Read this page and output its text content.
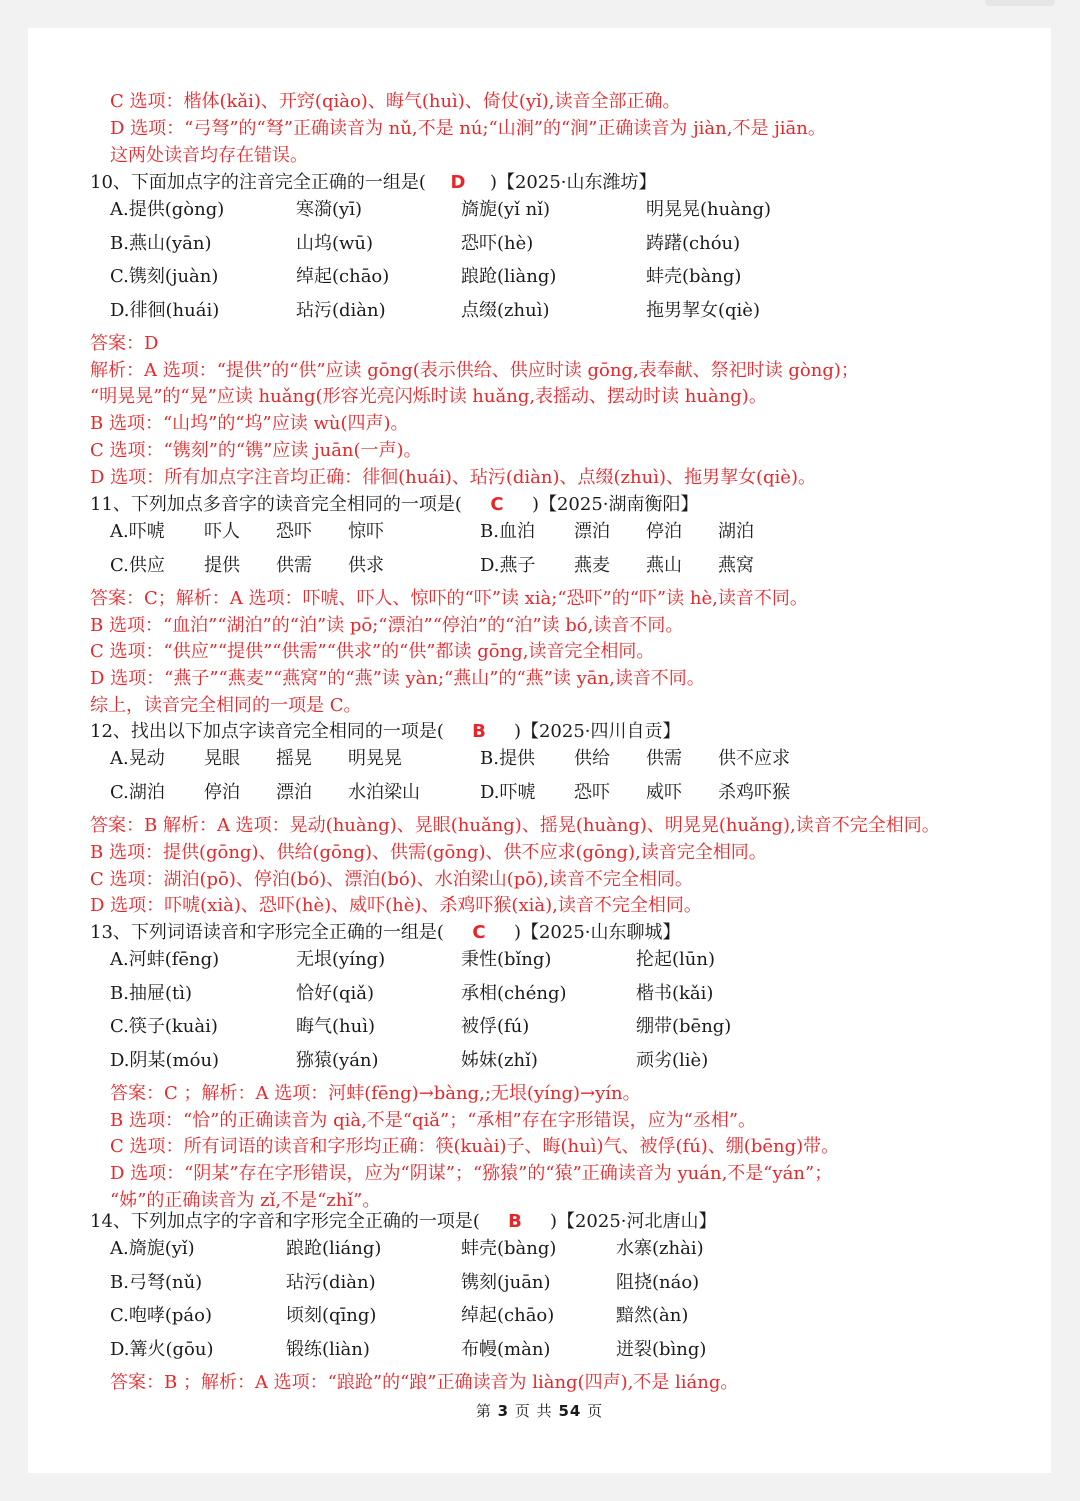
C 选项：楷体(kǎi)、开窍(qiào)、晦气(huì)、倚仗(yǐ),读音全部正确。
D 选项：“弓弩”的“弩”正确读音为 nǔ,不是 nú;“山涧”的“涧”正确读音为 jiàn,不是 jiān。
这两处读音均存在错误。
10、下面加点字的注音完全正确的一组是( D )【2025·山东潍坊】
A.提供(gòng)	寒漪(yī)	旖旎(yǐ nǐ)	明晃晃(huàng)
B.燕山(yān)	山坞(wū)	恐吓(hè)	踌躇(chóu)
C.镌刻(juàn)	绰起(chāo)	踉跄(liàng)	蚌壳(bàng)
D.徘徊(huái)	玷污(diàn)	点缀(zhuì)	拖男挈女(qiè)
答案：D
解析：A 选项：“提供”的“供”应读 gōng(表示供给、供应时读 gōng,表奉献、祭祀时读 gòng)；
“明晃晃”的“晃”应读 huǎng(形容光亮闪烁时读 huǎng,表摇动、摆动时读 huàng)。
B 选项：“山坞”的“坞”应读 wù(四声)。
C 选项：“镌刻”的“镌”应读 juān(一声)。
D 选项：所有加点字注音均正确：徘徊(huái)、玷污(diàn)、点缀(zhuì)、拖男挈女(qiè)。
11、下列加点多音字的读音完全相同的一项是( C )【2025·湖南衡阳】
A.吓唬 吓人 恐吓 惊吓	B.血泊 漂泊 停泊 湖泊
C.供应 提供 供需 供求	D.燕子 燕麦 燕山 燕窝
答案：C；解析：A 选项：吓唬、吓人、惊吓的“吓”读 xià;“恐吓”的“吓”读 hè,读音不同。
B 选项：“血泊”“湖泊”的“泊”读 pō;“漂泊”“停泊”的“泊”读 bó,读音不同。
C 选项：“供应”“提供”“供需”“供求”的“供”都读 gōng,读音完全相同。
D 选项：“燕子”“燕麦”“燕窝”的“燕”读 yàn;“燕山”的“燕”读 yān,读音不同。
综上，读音完全相同的一项是 C。
12、找出以下加点字读音完全相同的一项是( B )【2025·四川自贡】
A.晃动 晃眼 摇晃 明晃晃	B.提供 供给 供需 供不应求
C.湖泊 停泊 漂泊 水泊梁山	D.吓唬 恐吓 威吓 杀鸡吓猴
答案：B 解析：A 选项：晃动(huàng)、晃眼(huǎng)、摇晃(huàng)、明晃晃(huǎng),读音不完全相同。
B 选项：提供(gōng)、供给(gōng)、供需(gōng)、供不应求(gōng),读音完全相同。
C 选项：湖泊(pō)、停泊(bó)、漂泊(bó)、水泊梁山(pō),读音不完全相同。
D 选项：吓唬(xià)、恐吓(hè)、威吓(hè)、杀鸡吓猴(xià),读音不完全相同。
13、下列词语读音和字形完全正确的一组是( C )【2025·山东聊城】
A.河蚌(fēng)	无垠(yíng)	秉性(bǐng)	抡起(lūn)
B.抽屉(tì)	恰好(qiǎ)	承相(chéng)	楷书(kǎi)
C.筷子(kuài)	晦气(huì)	被俘(fú)	绷带(bēng)
D.阴某(móu)	猕猿(yán)	姊妹(zhǐ)	顽劣(liè)
答案：C ；解析：A 选项：河蚌(fēng)→bàng,;无垠(yíng)→yín。
B 选项：“恰”的正确读音为 qià,不是“qiǎ”；“承相”存在字形错误，应为“丞相”。
C 选项：所有词语的读音和字形均正确：筷(kuài)子、晦(huì)气、被俘(fú)、绷(bēng)带。
D 选项：“阴某”存在字形错误，应为“阴谋”；“猕猿”的“猿”正确读音为 yuán,不是“yán”；
“姊”的正确读音为 zǐ,不是“zhǐ”。
14、下列加点字的字音和字形完全正确的一项是( B )【2025·河北唐山】
A.旖旎(yǐ)	踉跄(liáng)	蚌壳(bàng)	水寨(zhài)
B.弓弩(nǔ)	玷污(diàn)	镌刻(juān)	阻挠(náo)
C.咆哮(páo)	顷刻(qīng)	绰起(chāo)	黯然(àn)
D.篝火(gōu)	锻练(liàn)	布幔(màn)	迸裂(bìng)
答案：B ；解析：A 选项：“踉跄”的“踉”正确读音为 liàng(四声),不是 liáng。
第 3 页 共 54 页
